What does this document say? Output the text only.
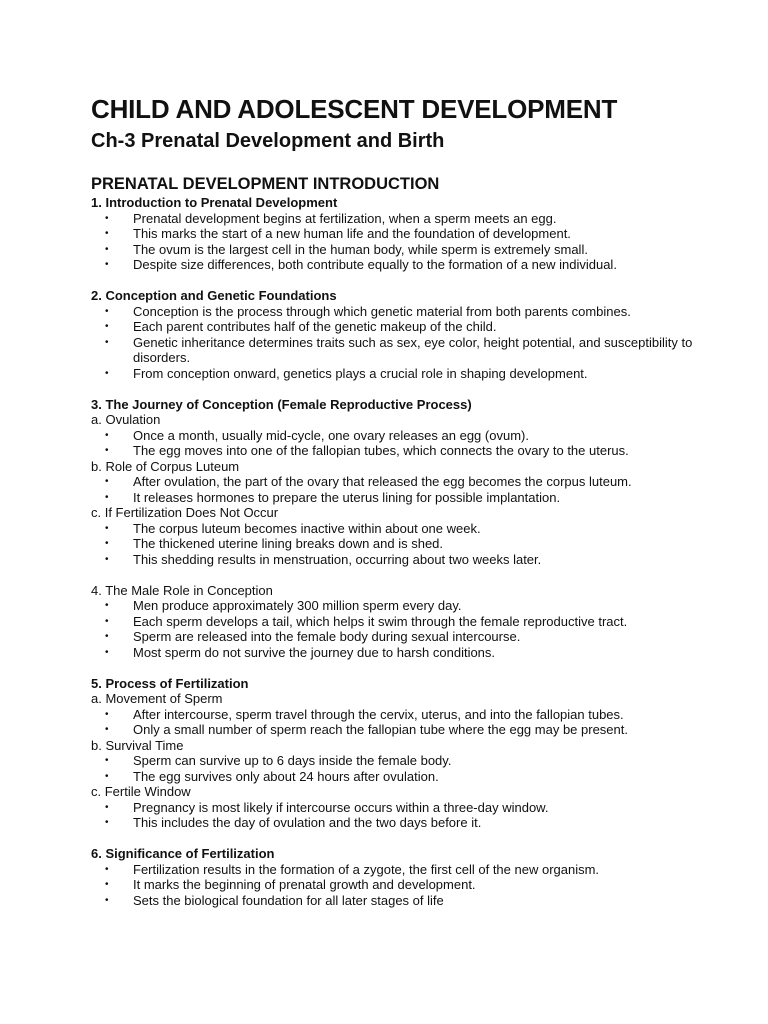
CHILD AND ADOLESCENT DEVELOPMENT
Ch-3 Prenatal Development and Birth
PRENATAL DEVELOPMENT INTRODUCTION
1. Introduction to Prenatal Development
• Prenatal development begins at fertilization, when a sperm meets an egg.
• This marks the start of a new human life and the foundation of development.
• The ovum is the largest cell in the human body, while sperm is extremely small.
• Despite size differences, both contribute equally to the formation of a new individual.
2. Conception and Genetic Foundations
• Conception is the process through which genetic material from both parents combines.
• Each parent contributes half of the genetic makeup of the child.
• Genetic inheritance determines traits such as sex, eye color, height potential, and susceptibility to disorders.
• From conception onward, genetics plays a crucial role in shaping development.
3. The Journey of Conception (Female Reproductive Process)
a. Ovulation
• Once a month, usually mid-cycle, one ovary releases an egg (ovum).
• The egg moves into one of the fallopian tubes, which connects the ovary to the uterus.
b. Role of Corpus Luteum
• After ovulation, the part of the ovary that released the egg becomes the corpus luteum.
• It releases hormones to prepare the uterus lining for possible implantation.
c. If Fertilization Does Not Occur
• The corpus luteum becomes inactive within about one week.
• The thickened uterine lining breaks down and is shed.
• This shedding results in menstruation, occurring about two weeks later.
4. The Male Role in Conception
• Men produce approximately 300 million sperm every day.
• Each sperm develops a tail, which helps it swim through the female reproductive tract.
• Sperm are released into the female body during sexual intercourse.
• Most sperm do not survive the journey due to harsh conditions.
5. Process of Fertilization
a. Movement of Sperm
• After intercourse, sperm travel through the cervix, uterus, and into the fallopian tubes.
• Only a small number of sperm reach the fallopian tube where the egg may be present.
b. Survival Time
• Sperm can survive up to 6 days inside the female body.
• The egg survives only about 24 hours after ovulation.
c. Fertile Window
• Pregnancy is most likely if intercourse occurs within a three-day window.
• This includes the day of ovulation and the two days before it.
6. Significance of Fertilization
• Fertilization results in the formation of a zygote, the first cell of the new organism.
• It marks the beginning of prenatal growth and development.
• Sets the biological foundation for all later stages of life
